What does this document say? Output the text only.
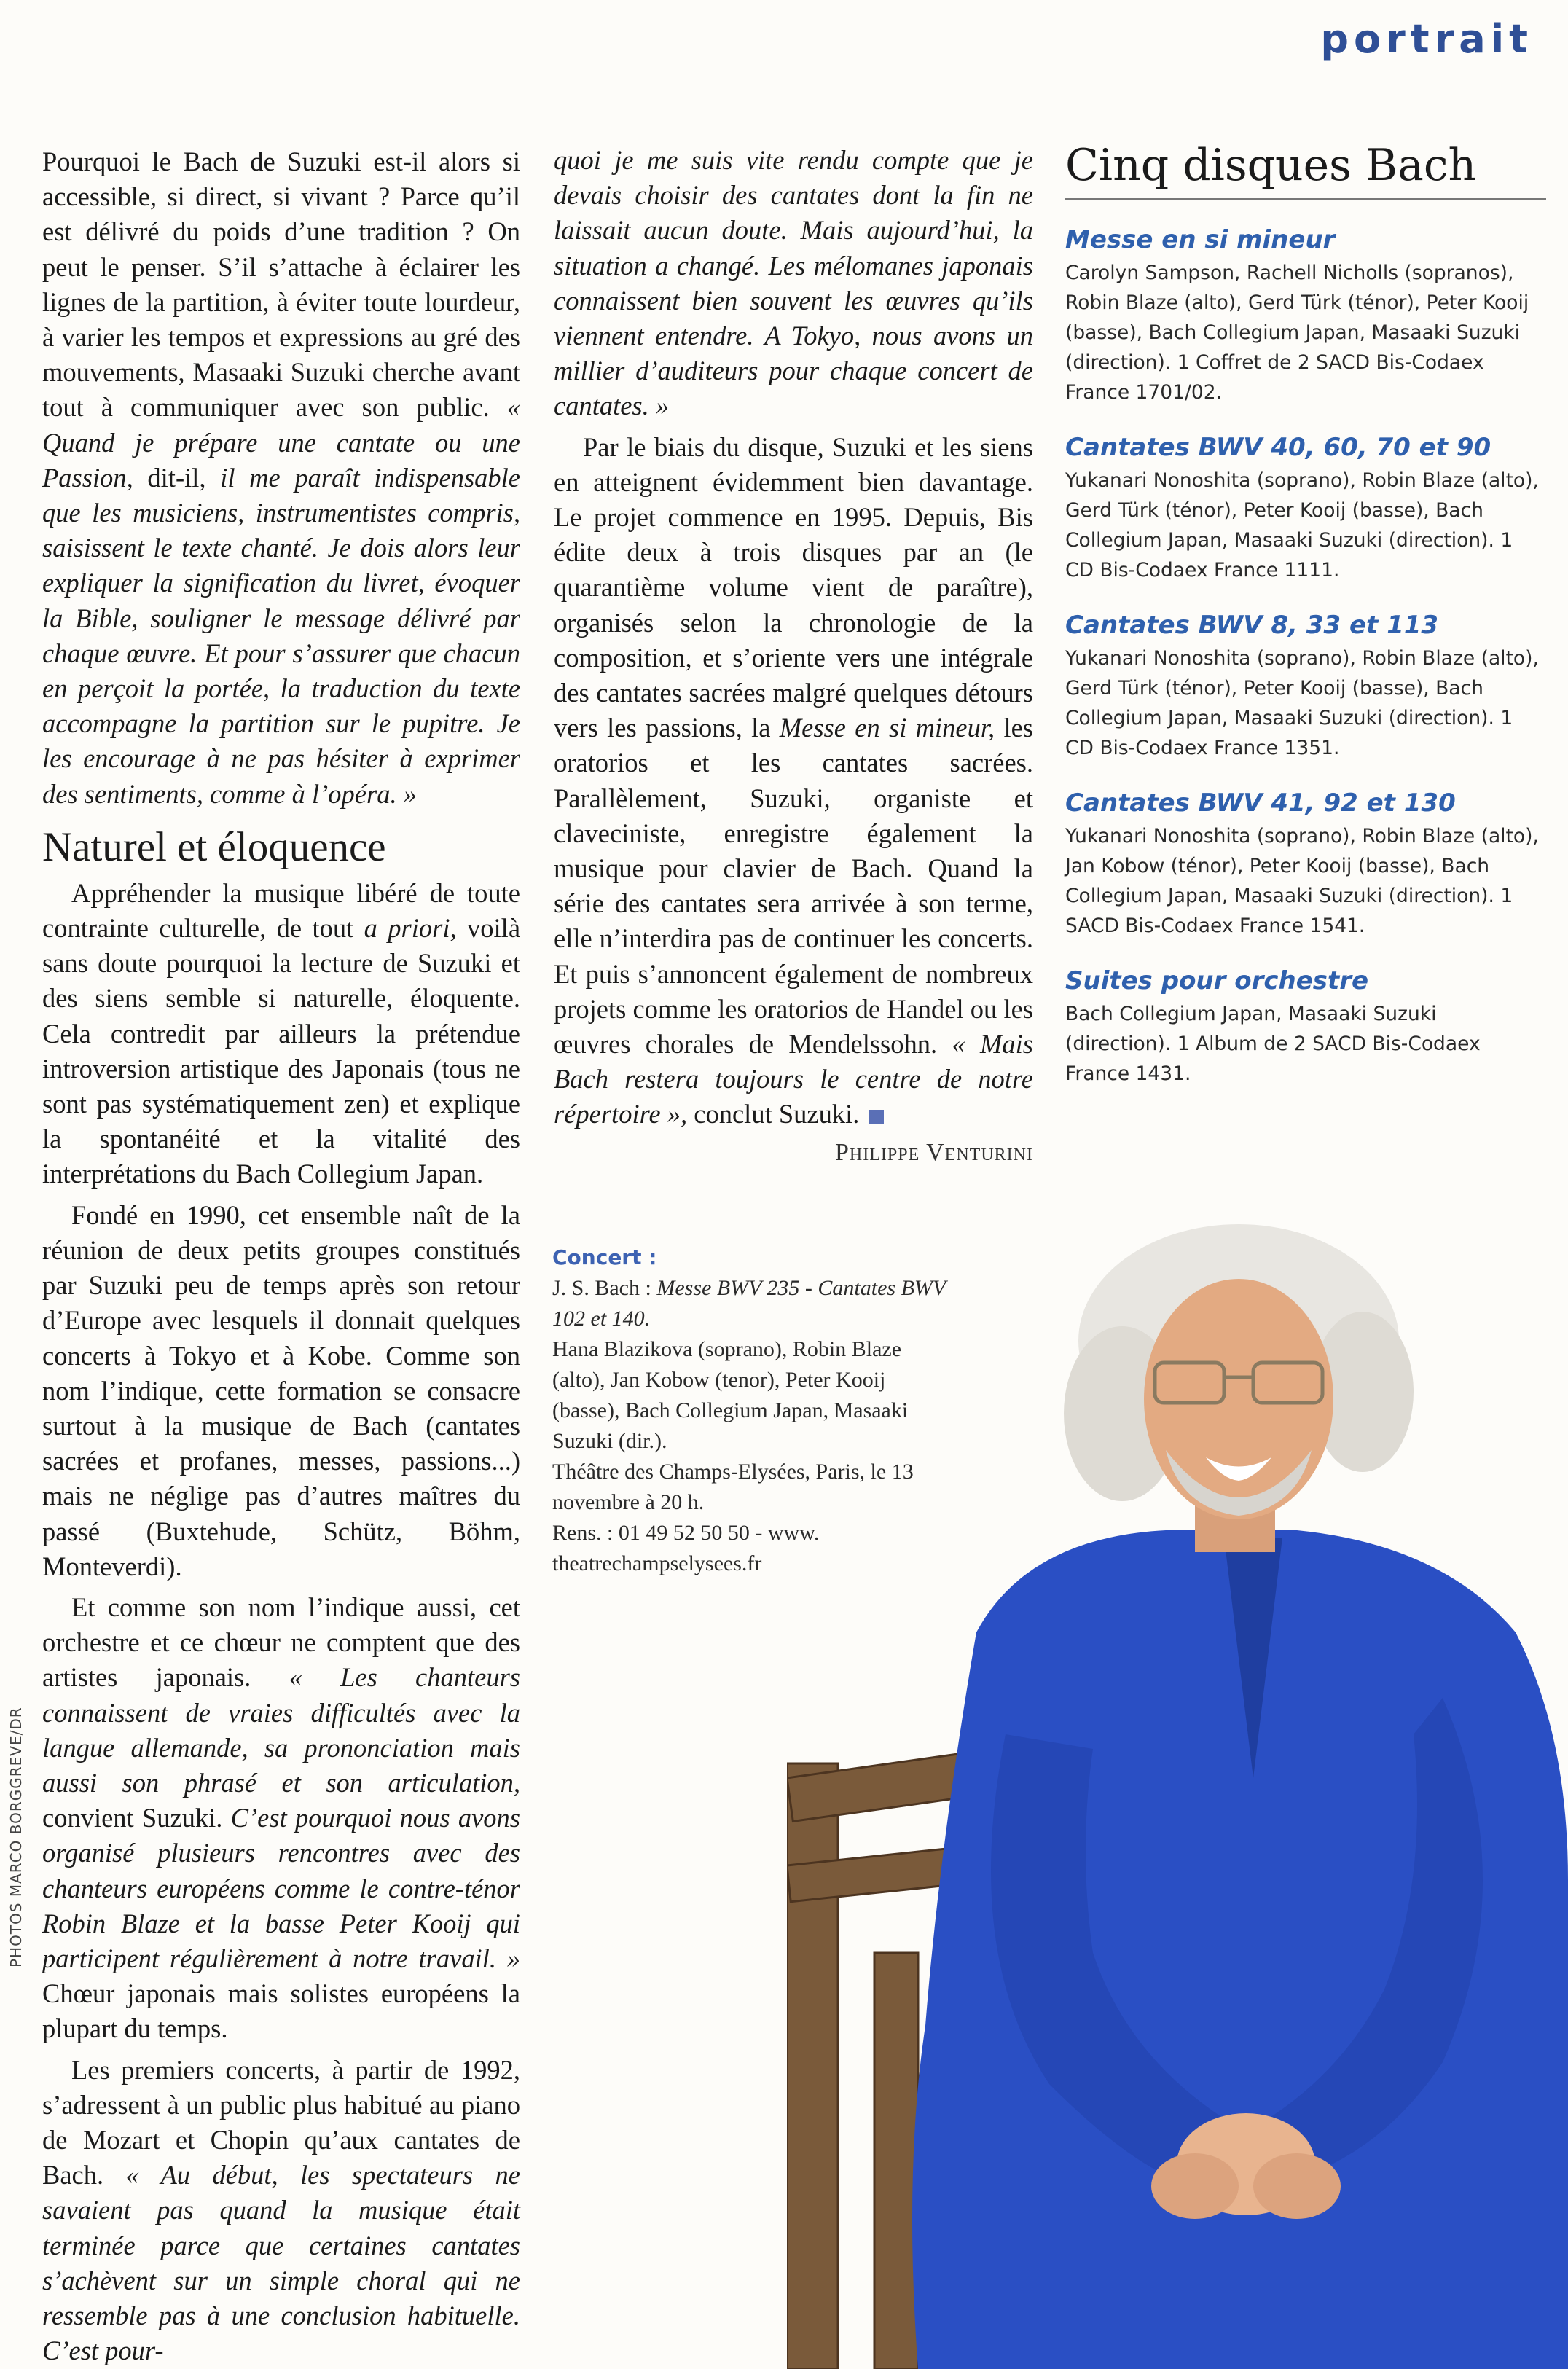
portrait

Pourquoi le Bach de Suzuki est-il alors si accessible, si direct, si vivant ? Parce qu’il est délivré du poids d’une tradition ? On peut le penser. S’il s’attache à éclairer les lignes de la partition, à éviter toute lourdeur, à varier les tempos et expressions au gré des mouvements, Masaaki Suzuki cherche avant tout à communiquer avec son public. « Quand je prépare une cantate ou une Passion, dit-il, il me paraît indispensable que les musiciens, instrumentistes compris, saisissent le texte chanté. Je dois alors leur expliquer la signification du livret, évoquer la Bible, souligner le message délivré par chaque œuvre. Et pour s’assurer que chacun en perçoit la portée, la traduction du texte accompagne la partition sur le pupitre. Je les encourage à ne pas hésiter à exprimer des sentiments, comme à l’opéra. »

Naturel et éloquence

Appréhender la musique libéré de toute contrainte culturelle, de tout a priori, voilà sans doute pourquoi la lecture de Suzuki et des siens semble si naturelle, éloquente. Cela contredit par ailleurs la prétendue introversion artistique des Japonais (tous ne sont pas systématiquement zen) et explique la spontanéité et la vitalité des interprétations du Bach Collegium Japan.

Fondé en 1990, cet ensemble naît de la réunion de deux petits groupes constitués par Suzuki peu de temps après son retour d’Europe avec lesquels il donnait quelques concerts à Tokyo et à Kobe. Comme son nom l’indique, cette formation se consacre surtout à la musique de Bach (cantates sacrées et profanes, messes, passions...) mais ne néglige pas d’autres maîtres du passé (Buxtehude, Schütz, Böhm, Monteverdi).

Et comme son nom l’indique aussi, cet orchestre et ce chœur ne comptent que des artistes japonais. « Les chanteurs connaissent de vraies difficultés avec la langue allemande, sa prononciation mais aussi son phrasé et son articulation, convient Suzuki. C’est pourquoi nous avons organisé plusieurs rencontres avec des chanteurs européens comme le contre-ténor Robin Blaze et la basse Peter Kooij qui participent régulièrement à notre travail. » Chœur japonais mais solistes européens la plupart du temps.

Les premiers concerts, à partir de 1992, s’adressent à un public plus habitué au piano de Mozart et Chopin qu’aux cantates de Bach. « Au début, les spectateurs ne savaient pas quand la musique était terminée parce que certaines cantates s’achèvent sur un simple choral qui ne ressemble pas à une conclusion habituelle. C’est pour-

quoi je me suis vite rendu compte que je devais choisir des cantates dont la fin ne laissait aucun doute. Mais aujourd’hui, la situation a changé. Les mélomanes japonais connaissent bien souvent les œuvres qu’ils viennent entendre. A Tokyo, nous avons un millier d’auditeurs pour chaque concert de cantates. »

Par le biais du disque, Suzuki et les siens en atteignent évidemment bien davantage. Le projet commence en 1995. Depuis, Bis édite deux à trois disques par an (le quarantième volume vient de paraître), organisés selon la chronologie de la composition, et s’oriente vers une intégrale des cantates sacrées malgré quelques détours vers les passions, la Messe en si mineur, les oratorios et les cantates sacrées. Parallèlement, Suzuki, organiste et claveciniste, enregistre également la musique pour clavier de Bach. Quand la série des cantates sera arrivée à son terme, elle n’interdira pas de continuer les concerts. Et puis s’annoncent également de nombreux projets comme les oratorios de Handel ou les œuvres chorales de Mendelssohn. « Mais Bach restera toujours le centre de notre répertoire », conclut Suzuki.

Philippe Venturini
Cinq disques Bach
Messe en si mineur
Carolyn Sampson, Rachell Nicholls (sopranos), Robin Blaze (alto), Gerd Türk (ténor), Peter Kooij (basse), Bach Collegium Japan, Masaaki Suzuki (direction). 1 Coffret de 2 SACD Bis-Codaex France 1701/02.
Cantates BWV 40, 60, 70 et 90
Yukanari Nonoshita (soprano), Robin Blaze (alto), Gerd Türk (ténor), Peter Kooij (basse), Bach Collegium Japan, Masaaki Suzuki (direction). 1 CD Bis-Codaex France 1111.
Cantates BWV 8, 33 et 113
Yukanari Nonoshita (soprano), Robin Blaze (alto), Gerd Türk (ténor), Peter Kooij (basse), Bach Collegium Japan, Masaaki Suzuki (direction). 1 CD Bis-Codaex France 1351.
Cantates BWV 41, 92 et 130
Yukanari Nonoshita (soprano), Robin Blaze (alto), Jan Kobow (ténor), Peter Kooij (basse), Bach Collegium Japan, Masaaki Suzuki (direction). 1 SACD Bis-Codaex France 1541.
Suites pour orchestre
Bach Collegium Japan, Masaaki Suzuki (direction). 1 Album de 2 SACD Bis-Codaex France 1431.
Concert :
J. S. Bach : Messe BWV 235 - Cantates BWV 102 et 140.
Hana Blazikova (soprano), Robin Blaze (alto), Jan Kobow (tenor), Peter Kooij (basse), Bach Collegium Japan, Masaaki Suzuki (dir.).
Théâtre des Champs-Elysées, Paris, le 13 novembre à 20 h.
Rens. : 01 49 52 50 50 - www. theatrechampselysees.fr
PHOTOS MARCO BORGGREVE/DR
